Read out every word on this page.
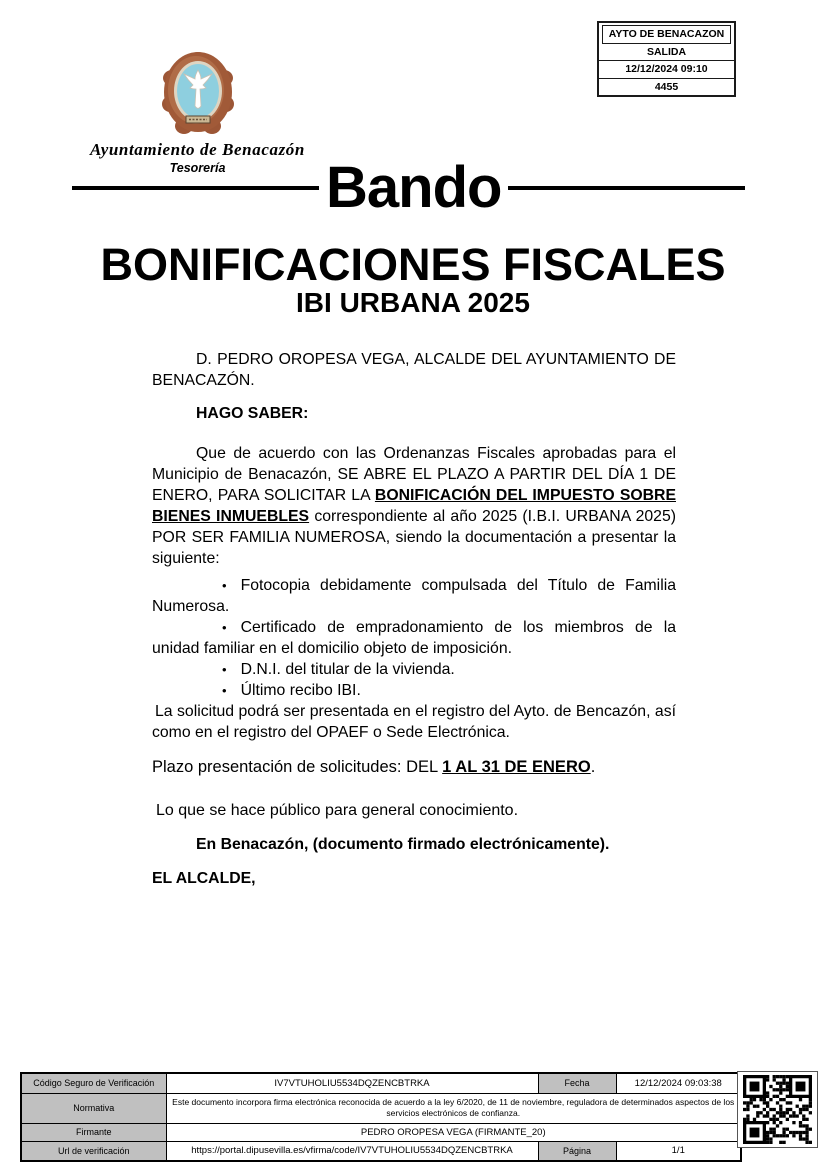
AYTO DE BENACAZON
SALIDA
12/12/2024 09:10
4455
Ayuntamiento de Benacazón
Tesorería	Bando
BONIFICACIONES FISCALES
IBI URBANA 2025

D. PEDRO OROPESA VEGA, ALCALDE DEL AYUNTAMIENTO DE BENACAZÓN.

HAGO SABER:

Que de acuerdo con las Ordenanzas Fiscales aprobadas para el Municipio de Benacazón, SE ABRE EL PLAZO A PARTIR DEL DÍA 1 DE ENERO, PARA SOLICITAR LA BONIFICACIÓN DEL IMPUESTO SOBRE BIENES INMUEBLES correspondiente al año 2025 (I.B.I. URBANA 2025) POR SER FAMILIA NUMEROSA, siendo la documentación a presentar la siguiente:

• Fotocopia debidamente compulsada del Título de Familia Numerosa.

• Certificado de empradonamiento de los miembros de la unidad familiar en el domicilio objeto de imposición.

• D.N.I. del titular de la vivienda.

• Último recibo IBI.

La solicitud podrá ser presentada en el registro del Ayto. de Bencazón, así como en el registro del OPAEF o Sede Electrónica.

Plazo presentación de solicitudes: DEL 1 AL 31 DE ENERO.

Lo que se hace público para general conocimiento.

En Benacazón, (documento firmado electrónicamente).

EL ALCALDE,

Código Seguro de Verificación	IV7VTUHOLIU5534DQZENCBTRKA	Fecha	12/12/2024 09:03:38
Normativa	Este documento incorpora firma electrónica reconocida de acuerdo a la ley 6/2020, de 11 de noviembre, reguladora de determinados aspectos de los servicios electrónicos de confianza.		
Firmante	PEDRO OROPESA VEGA (FIRMANTE_20)		
Url de verificación	https://portal.dipusevilla.es/vfirma/code/IV7VTUHOLIU5534DQZENCBTRKA	Página	1/1
